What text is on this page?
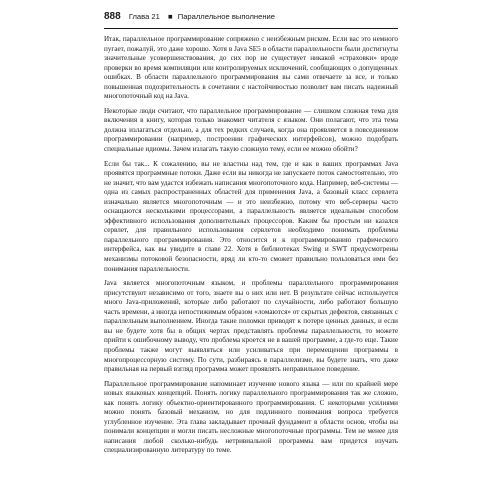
888 Глава 21 ■ Параллельное выполнение

Итак, параллельное программирование сопряжено с неизбежным риском. Если вас это немного пугает, пожалуй, это даже хорошо. Хотя в Java SE5 в области параллельности были достигнуты значительные усовершенствования, до сих пор не существует никакой «страховки» вроде проверки во время компиляции или контролируемых исключений, сообщающих о допущенных ошибках. В области параллельного программирования вы сами отвечаете за все, и только повышенная подозрительность в сочетании с настойчивостью позволит вам писать надежный многопоточный код на Java.

Некоторые люди считают, что параллельное программирование — слишком сложная тема для включения в книгу, которая только знакомит читателя с языком. Они полагают, что эта тема должна излагаться отдельно, а для тех редких случаев, когда она проявляется в повседневном программировании (например, построении графических интерфейсов), можно подобрать специальные идиомы. Зачем излагать такую сложную тему, если ее можно обойти?

Если бы так... К сожалению, вы не властны над тем, где и как в ваших программах Java проявятся программные потоки. Даже если вы никогда не запускаете поток самостоятельно, это не значит, что вам удастся избежать написания многопоточного кода. Например, веб-системы — одна из самых распространенных областей для применения Java, а базовый класс сервлета изначально является многопоточным — и это неизбежно, потому что веб-серверы часто оснащаются несколькими процессорами, а параллельность является идеальным способом эффективного использования дополнительных процессоров. Каким бы простым ни казался сервлет, для правильного использования сервлетов необходимо понимать проблемы параллельного программирования. Это относится и к программированию графического интерфейса, как вы увидите в главе 22. Хотя в библиотеках Swing и SWT предусмотрены механизмы потоковой безопасности, вряд ли кто-то сможет правильно пользоваться ими без понимания параллельности.

Java является многопоточным языком, и проблемы параллельного программирования присутствуют независимо от того, знаете вы о них или нет. В результате сейчас используется много Java-приложений, которые либо работают по случайности, либо работают большую часть времени, а иногда непостижимым образом «ломаются» от скрытых дефектов, связанных с параллельным выполнением. Иногда такие поломки приводят к потере ценных данных, и если вы не будете хотя бы в общих чертах представлять проблемы параллельности, то можете прийти к ошибочному выводу, что проблема кроется не в вашей программе, а где-то еще. Такие проблемы также могут выявляться или усиливаться при перемещении программы в многопроцессорную систему. По сути, разбираясь в параллелизме, вы будете знать, что даже правильная на первый взгляд программа может проявлять неправильное поведение.

Параллельное программирование напоминает изучение нового языка — или по крайней мере новых языковых концепций. Понять логику параллельного программирования так же сложно, как понять логику объектно-ориентированного программирования. С некоторыми усилиями можно понять базовый механизм, но для подлинного понимания вопроса требуется углубленное изучение. Эта глава закладывает прочный фундамент в области основ, чтобы вы понимали концепции и могли писать несложные многопоточные программы. Тем не менее для написания любой сколько-нибудь нетривиальной программы вам придется изучать специализированную литературу по теме.
